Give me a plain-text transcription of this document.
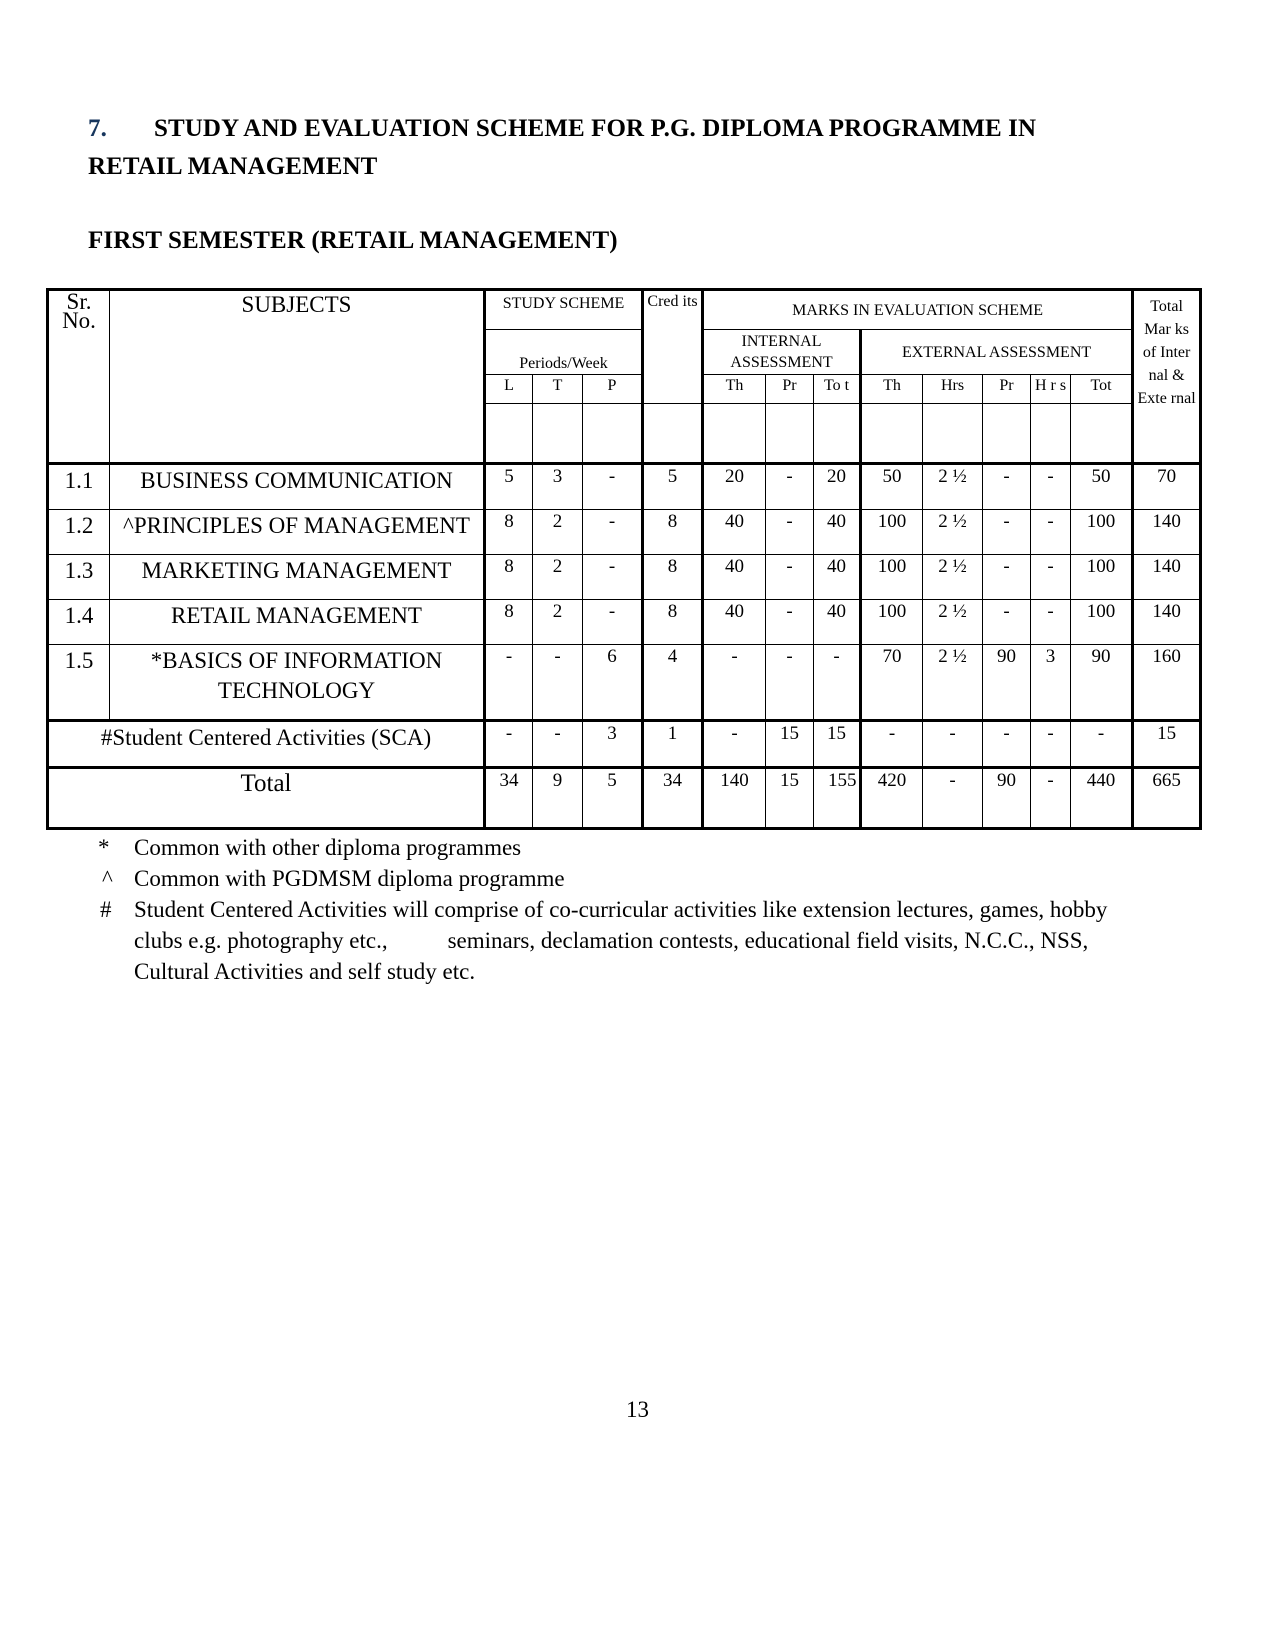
7. STUDY AND EVALUATION SCHEME FOR P.G. DIPLOMA PROGRAMME IN RETAIL MANAGEMENT
FIRST SEMESTER (RETAIL MANAGEMENT)
Sr. No.	SUBJECTS	STUDY SCHEME			Cred its	MARKS IN EVALUATION SCHEME								Total Mar ks of Inter nal & Exte rnal
		Periods/Week				INTERNAL ASSESSMENT			EXTERNAL ASSESSMENT					
		L	T	P		Th	Pr	To t	Th	Hrs	Pr	H r s	Tot	

1.1	BUSINESS COMMUNICATION	5	3	-	5	20	-	20	50	2 ½	-	-	50	70
1.2	^PRINCIPLES OF MANAGEMENT	8	2	-	8	40	-	40	100	2 ½	-	-	100	140
1.3	MARKETING MANAGEMENT	8	2	-	8	40	-	40	100	2 ½	-	-	100	140
1.4	RETAIL MANAGEMENT	8	2	-	8	40	-	40	100	2 ½	-	-	100	140
1.5	*BASICS OF INFORMATION TECHNOLOGY	-	-	6	4	-	-	-	70	2 ½	90	3	90	160
#Student Centered Activities (SCA)		-	-	3	1	-	15	15	-	-	-	-	-	15
Total		34	9	5	34	140	15	155	420	-	90	-	440	665
*	Common with other diploma programmes
^ Common with PGDMSM diploma programme
# Student Centered Activities will comprise of co-curricular activities like extension lectures, games, hobby
clubs e.g. photography etc.,	seminars, declamation contests, educational field visits, N.C.C., NSS,
Cultural Activities and self study etc.
13
